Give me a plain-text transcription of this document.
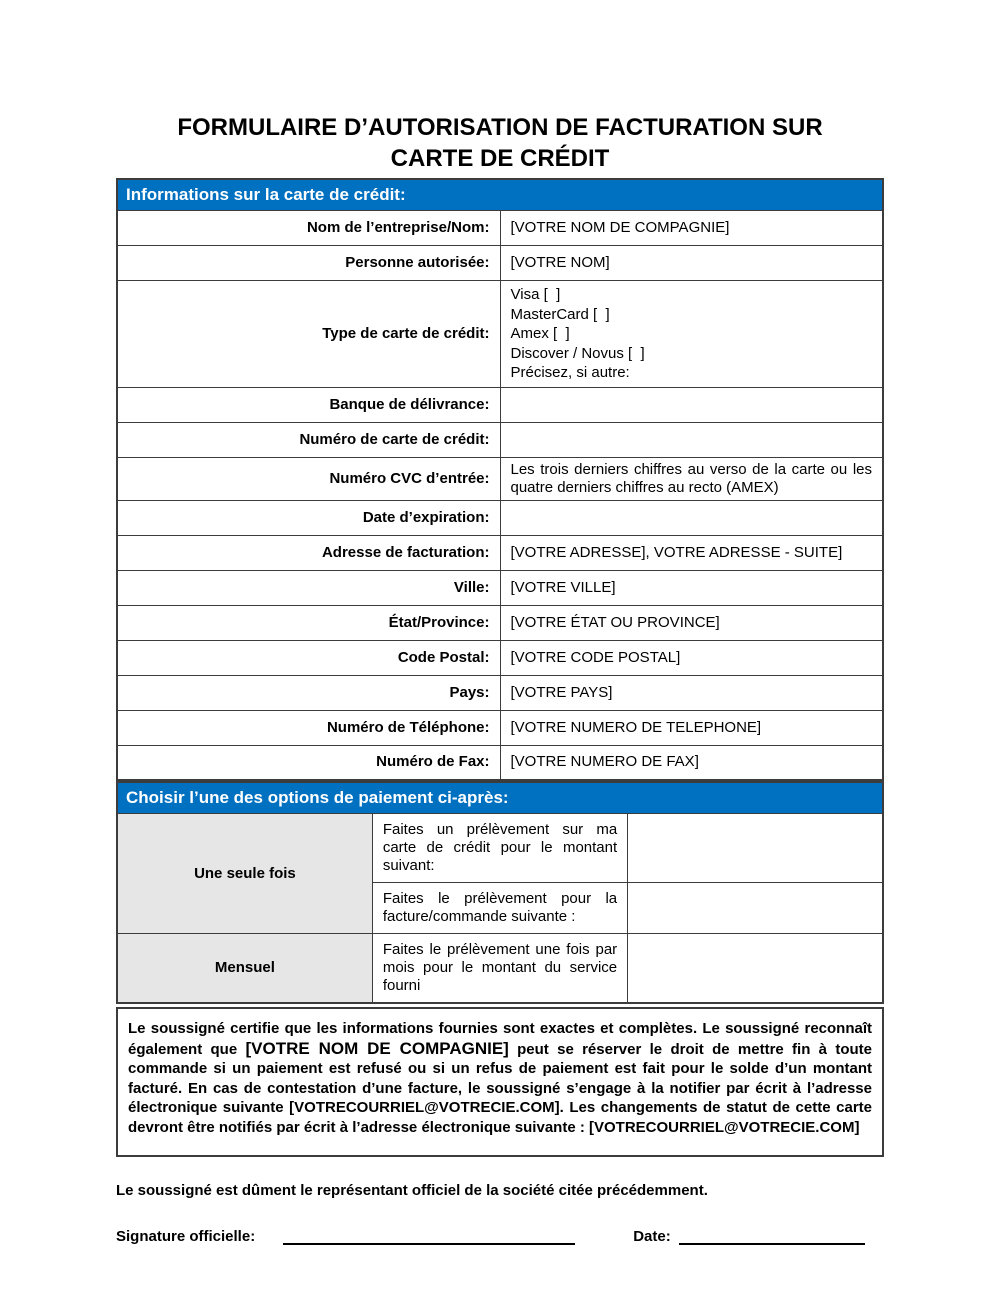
FORMULAIRE D’AUTORISATION DE FACTURATION SUR
CARTE DE CRÉDIT
Informations sur la carte de crédit:	
Nom de l’entreprise/Nom:	[VOTRE NOM DE COMPAGNIE]
Personne autorisée:	[VOTRE NOM]
Type de carte de crédit:	Visa [  ]
MasterCard [  ]
Amex [  ]
Discover / Novus [  ]
Précisez, si autre:

Banque de délivrance:	
Numéro de carte de crédit:	
Numéro CVC d’entrée:	Les trois derniers chiffres au verso de la carte ou les quatre derniers chiffres au recto (AMEX)
Date d’expiration:	
Adresse de facturation:	[VOTRE ADRESSE], VOTRE ADRESSE - SUITE]
Ville:	[VOTRE VILLE]
État/Province:	[VOTRE ÉTAT OU PROVINCE]
Code Postal:	[VOTRE CODE POSTAL]
Pays:	[VOTRE PAYS]
Numéro de Téléphone:	[VOTRE NUMERO DE TELEPHONE]
Numéro de Fax:	[VOTRE NUMERO DE FAX]
Choisir l’une des options de paiement ci-après:		
Une seule fois	Faites un prélèvement sur ma carte de crédit pour le montant suivant:	
	Faites le prélèvement pour la facture/commande suivante :	
Mensuel	Faites le prélèvement une fois par mois pour le montant du service fourni	

Le soussigné certifie que les informations fournies sont exactes et complètes. Le soussigné reconnaît également que [VOTRE NOM DE COMPAGNIE] peut se réserver le droit de mettre fin à toute commande si un paiement est refusé ou si un refus de paiement est fait pour le solde d’un montant facturé. En cas de contestation d’une facture, le soussigné s’engage à la notifier par écrit à l’adresse électronique suivante [VOTRECOURRIEL@VOTRECIE.COM]. Les changements de statut de cette carte devront être notifiés par écrit à l’adresse électronique suivante : [VOTRECOURRIEL@VOTRECIE.COM]

Le soussigné est dûment le représentant officiel de la société citée précédemment.

Signature officielle:	Date:
